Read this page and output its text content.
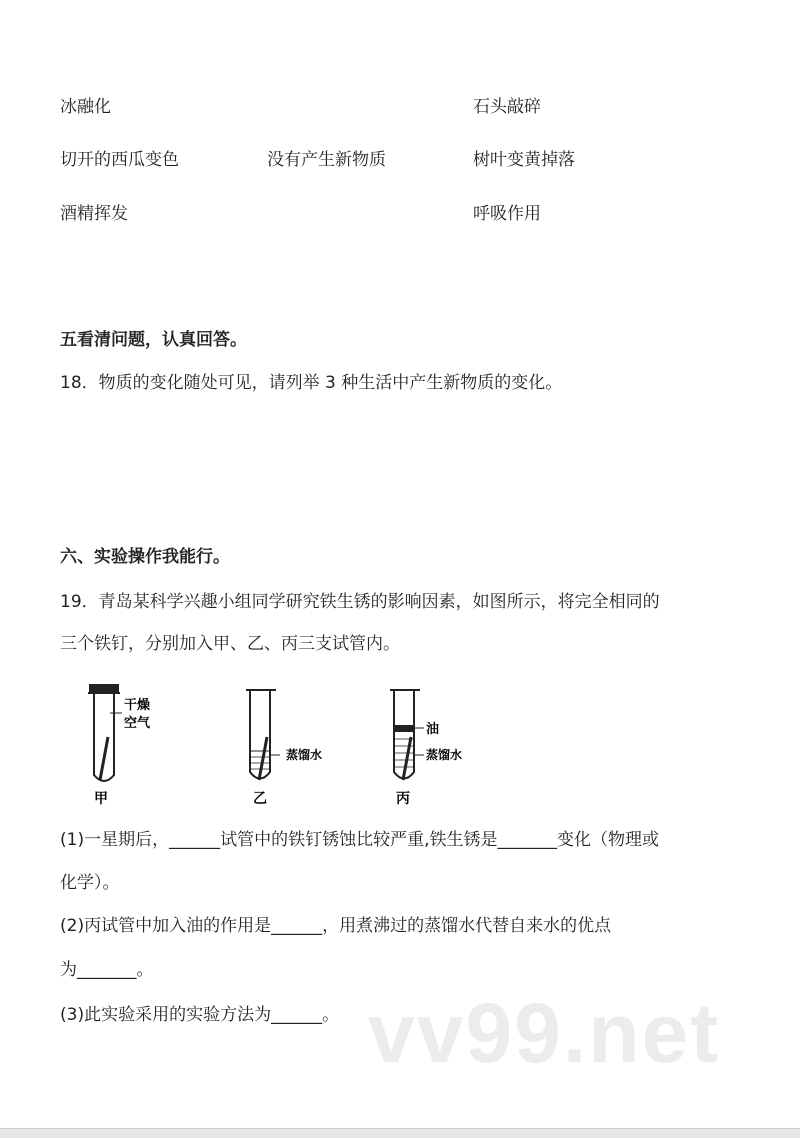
vv99.net
冰融化
切开的西瓜变色
酒精挥发
没有产生新物质
石头敲碎
树叶变黄掉落
呼吸作用
五看清问题，认真回答。
18．物质的变化随处可见，请列举 3 种生活中产生新物质的变化。
六、实验操作我能行。
19．青岛某科学兴趣小组同学研究铁生锈的影响因素，如图所示，将完全相同的
三个铁钉，分别加入甲、乙、丙三支试管内。
干燥
空气
甲
蒸馏水
乙
油
蒸馏水
丙
(1)一星期后，______试管中的铁钉锈蚀比较严重,铁生锈是_______变化（物理或
化学）。
(2)丙试管中加入油的作用是______，用煮沸过的蒸馏水代替自来水的优点
为_______。
(3)此实验采用的实验方法为______。
